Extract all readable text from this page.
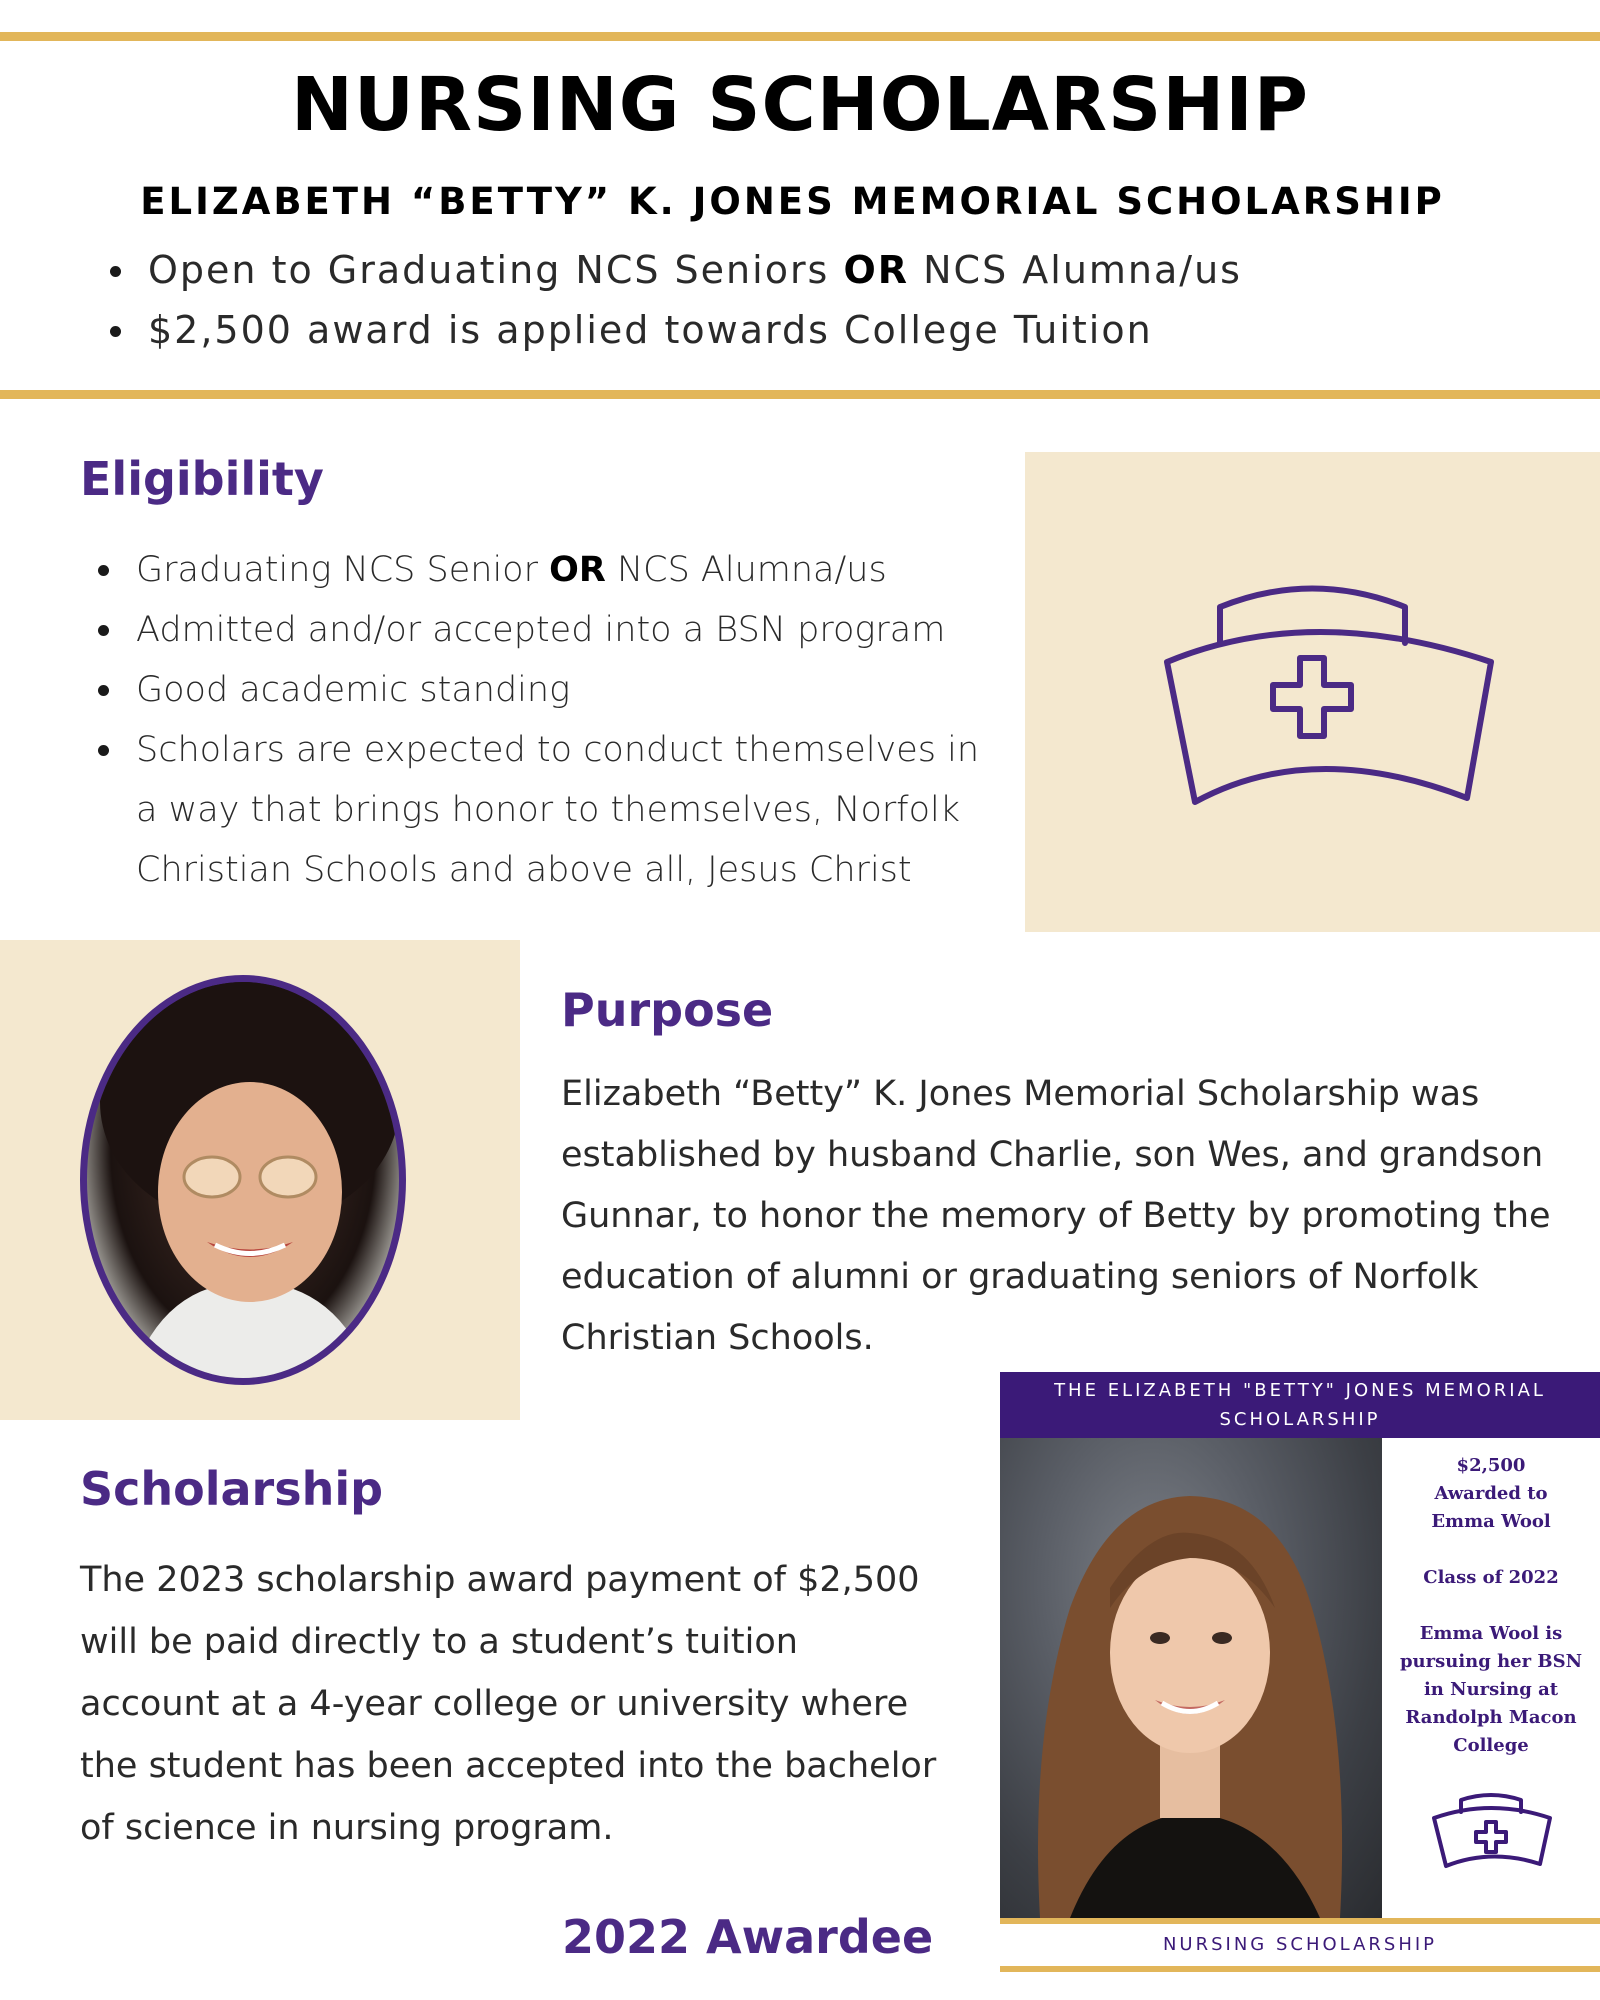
NURSING SCHOLARSHIP
ELIZABETH “BETTY” K. JONES MEMORIAL SCHOLARSHIP
Open to Graduating NCS Seniors OR NCS Alumna/us
$2,500 award is applied towards College Tuition
Eligibility
Graduating NCS Senior OR NCS Alumna/us
Admitted and/or accepted into a BSN program
Good academic standing
Scholars are expected to conduct themselves in a way that brings honor to themselves, Norfolk Christian Schools and above all, Jesus Christ
Purpose

Elizabeth “Betty” K. Jones Memorial Scholarship was established by husband Charlie, son Wes, and grandson Gunnar, to honor the memory of Betty by promoting the education of alumni or graduating seniors of Norfolk Christian Schools.

Scholarship

The 2023 scholarship award payment of $2,500 will be paid directly to a student’s tuition account at a 4-year college or university where the student has been accepted into the bachelor of science in nursing program.

THE ELIZABETH "BETTY" JONES MEMORIAL SCHOLARSHIP

$2,500
Awarded to
Emma Wool

Class of 2022

Emma Wool is
pursuing her BSN
in Nursing at
Randolph Macon
College

NURSING SCHOLARSHIP
2022 Awardee
